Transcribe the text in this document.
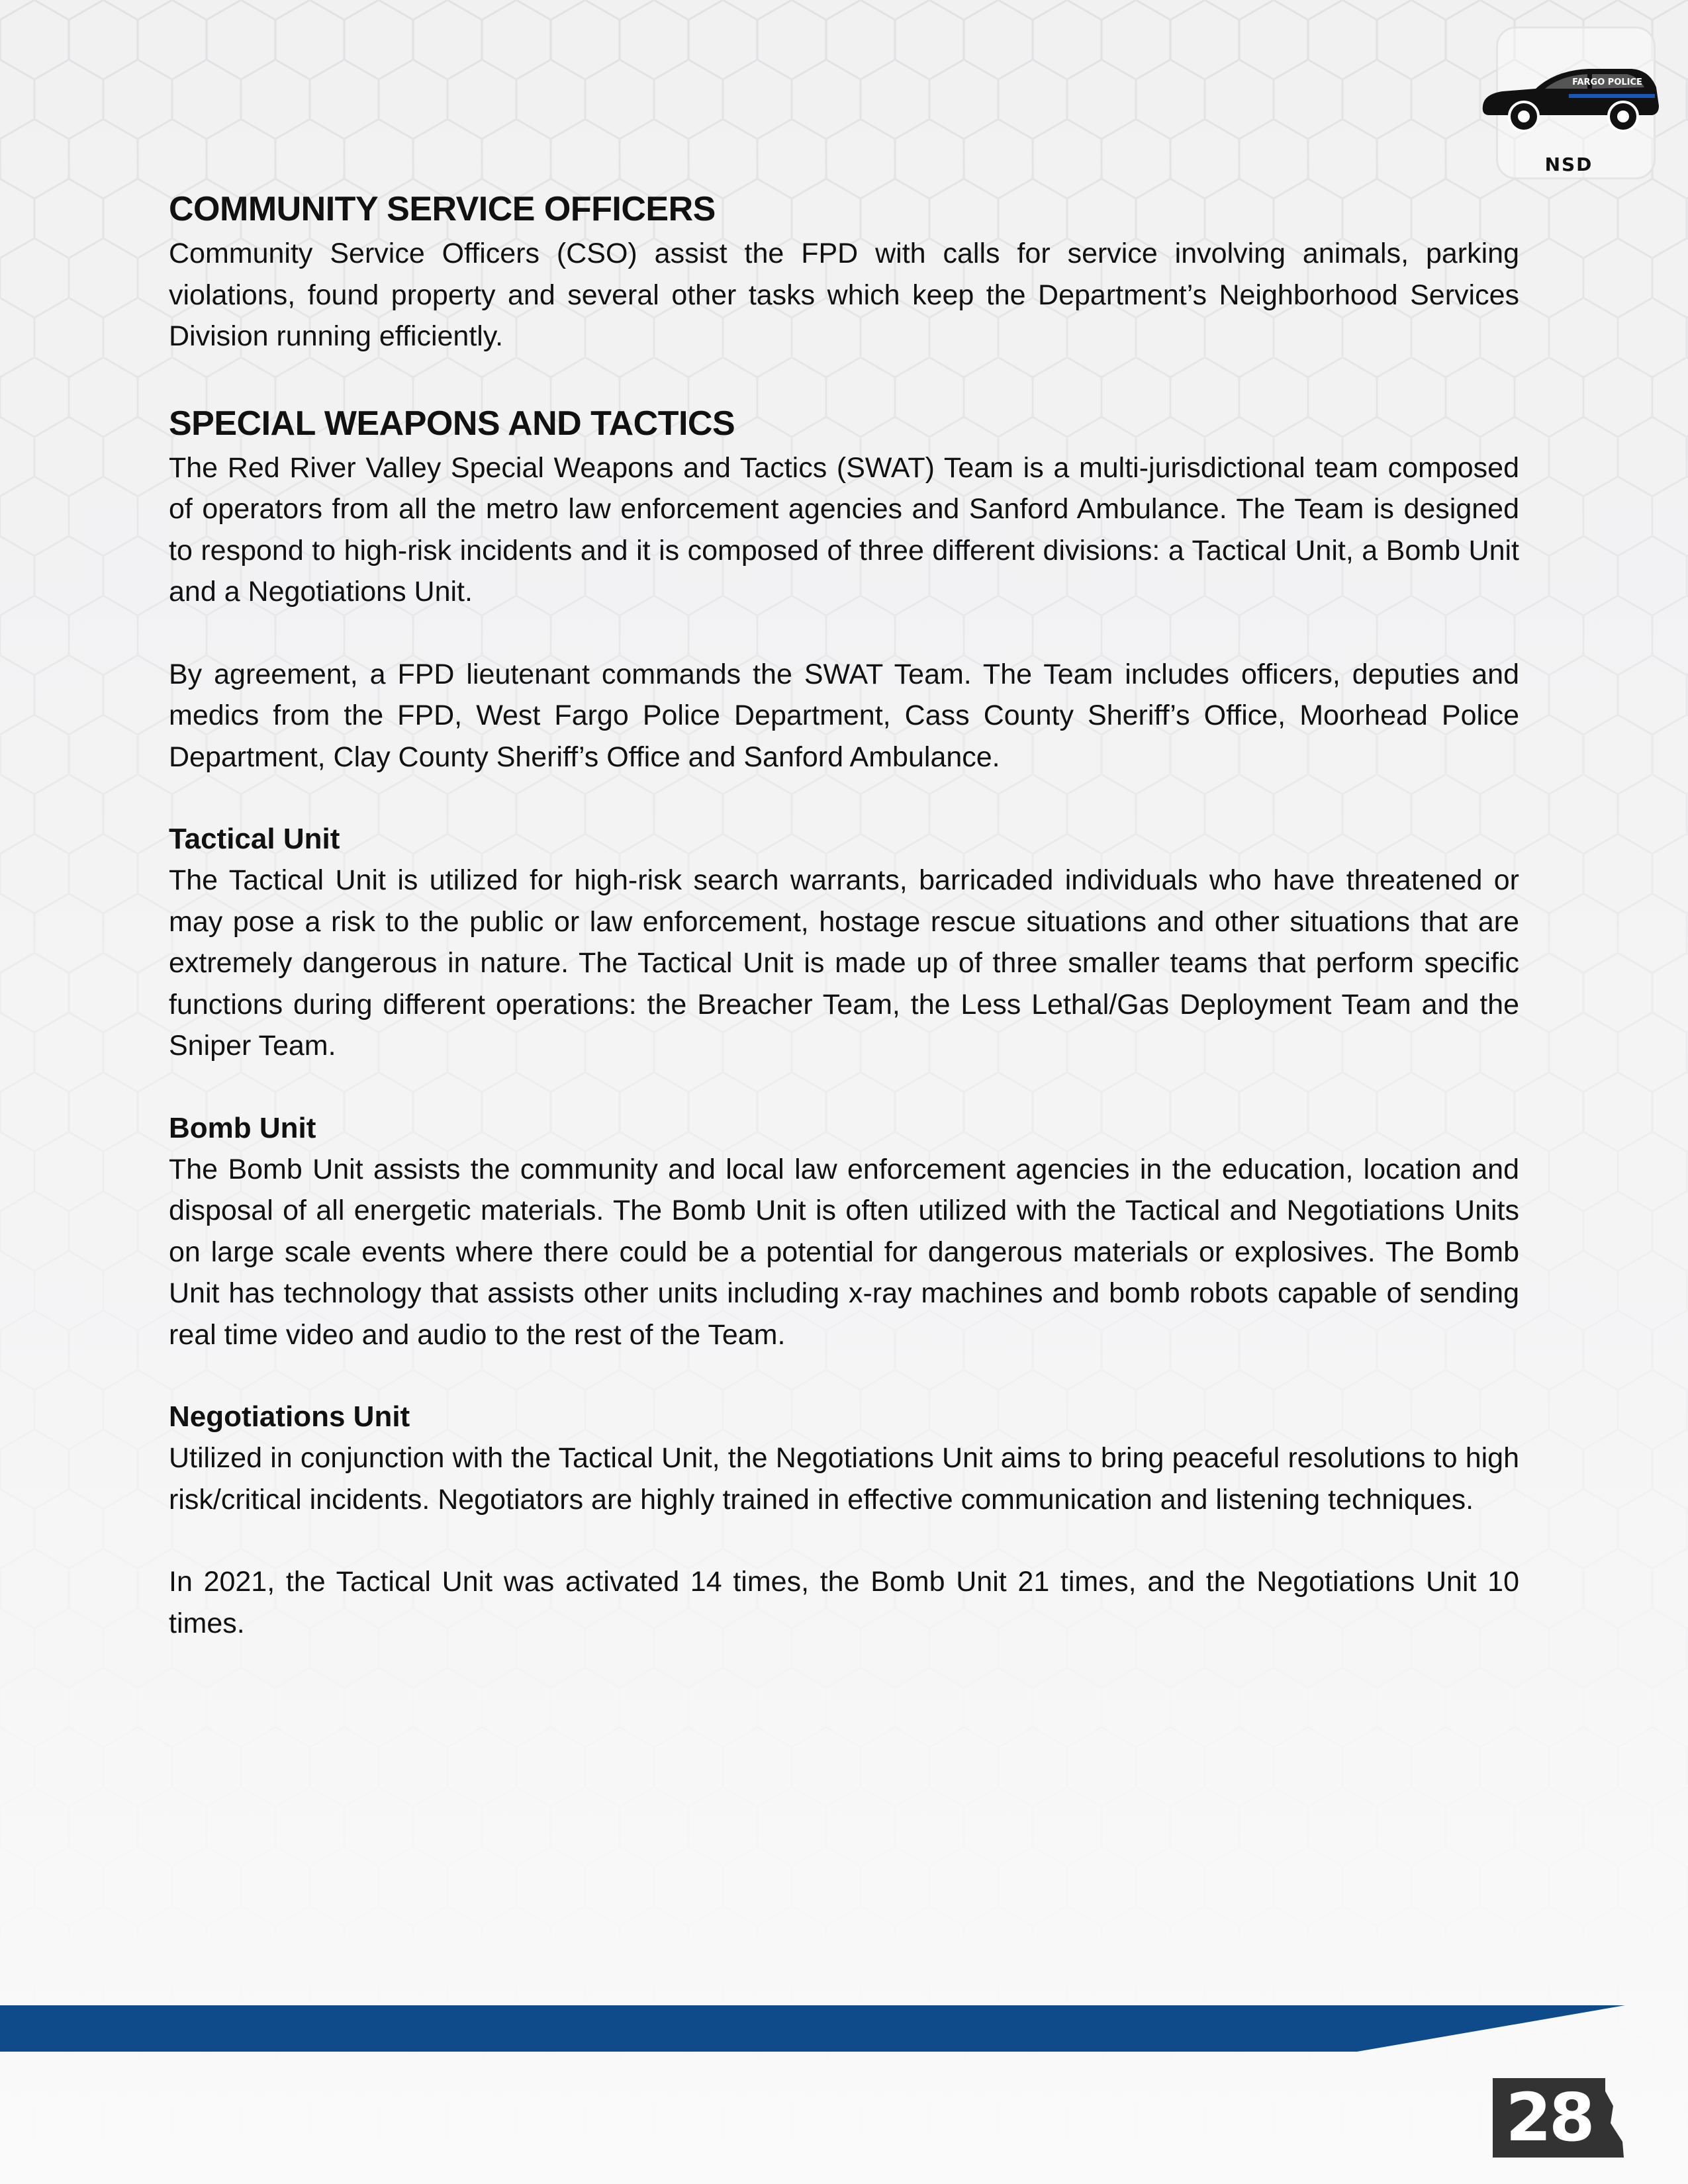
FARGO POLICE
NSD
COMMUNITY SERVICE OFFICERS

Community Service Officers (CSO) assist the FPD with calls for service involving animals, parking violations, found property and several other tasks which keep the Department’s Neighborhood Services Division running efficiently.

SPECIAL WEAPONS AND TACTICS

The Red River Valley Special Weapons and Tactics (SWAT) Team is a multi-jurisdictional team composed of operators from all the metro law enforcement agencies and Sanford Ambulance. The Team is designed to respond to high-risk incidents and it is composed of three different divisions: a Tactical Unit, a Bomb Unit and a Negotiations Unit.

By agreement, a FPD lieutenant commands the SWAT Team. The Team includes officers, deputies and medics from the FPD, West Fargo Police Department, Cass County Sheriff’s Office, Moorhead Police Department, Clay County Sheriff’s Office and Sanford Ambulance.

Tactical Unit

The Tactical Unit is utilized for high-risk search warrants, barricaded individuals who have threatened or may pose a risk to the public or law enforcement, hostage rescue situations and other situations that are extremely dangerous in nature. The Tactical Unit is made up of three smaller teams that perform specific functions during different operations: the Breacher Team, the Less Lethal/Gas Deployment Team and the Sniper Team.

Bomb Unit

The Bomb Unit assists the community and local law enforcement agencies in the education, location and disposal of all energetic materials. The Bomb Unit is often utilized with the Tactical and Negotiations Units on large scale events where there could be a potential for dangerous materials or explosives. The Bomb Unit has technology that assists other units including x-ray machines and bomb robots capable of sending real time video and audio to the rest of the Team.

Negotiations Unit

Utilized in conjunction with the Tactical Unit, the Negotiations Unit aims to bring peaceful resolutions to high risk/critical incidents. Negotiators are highly trained in effective communication and listening techniques.

In 2021, the Tactical Unit was activated 14 times, the Bomb Unit 21 times, and the Negotiations Unit 10 times.

28
